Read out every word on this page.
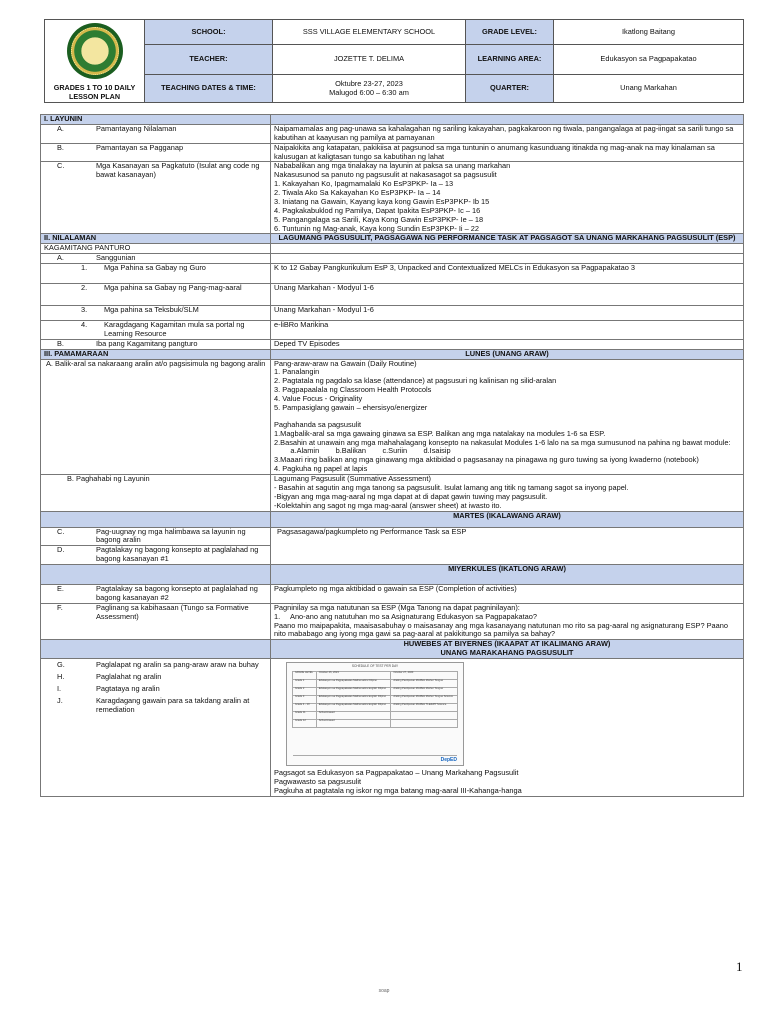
GRADES 1 TO 10 DAILY LESSON PLAN	SCHOOL:	SSS VILLAGE ELEMENTARY SCHOOL	GRADE LEVEL:	Ikatlong Baitang
	TEACHER:	JOZETTE T. DELIMA	LEARNING AREA:	Edukasyon sa Pagpapakatao
	TEACHING DATES & TIME:	Oktubre 23-27, 2023
Malugod 6:00 – 6:30 am	QUARTER:	Unang Markahan
I. LAYUNIN	

A.	Pamantayang Nilalaman	Naipamamalas ang pag-unawa sa kahalagahan ng sariling kakayahan, pagkakaroon ng tiwala, pangangalaga at pag-iingat sa sarili tungo sa kabutihan at kaayusan ng pamilya at pamayanan

B.	Pamantayan sa Pagganap	Naipakikita ang katapatan, pakikiisa at pagsunod sa mga tuntunin o anumang kasunduang itinakda ng mag-anak na may kinalaman sa kalusugan at kaligtasan tungo sa kabutihan ng lahat

C.	Mga Kasanayan sa Pagkatuto (Isulat ang code ng bawat kasanayan)

Nababalikan ang mga tinalakay na layunin at paksa sa unang markahan
Nakasusunod sa panuto ng pagsusulit at nakasasagot sa pagsusulit
1. Kakayahan Ko, Ipagmamalaki Ko EsP3PKP- Ia – 13
2. Tiwala Ako Sa Kakayahan Ko EsP3PKP- Ia – 14
3. Iniatang na Gawain, Kayang kaya kong Gawin EsP3PKP- Ib 15
4. Pagkakabuklod ng Pamilya, Dapat Ipakita EsP3PKP- Ic – 16
5. Pangangalaga sa Sarili, Kaya Kong Gawin EsP3PKP- Ie – 18
6. Tuntunin ng Mag-anak, Kaya kong Sundin EsP3PKP- Ii – 22

II. NILALAMAN	LAGUMANG PAGSUSULIT, PAGSAGAWA NG PERFORMANCE TASK AT PAGSAGOT SA UNANG MARKAHANG PAGSUSULIT (ESP)
KAGAMITANG PANTURO	

A.	Sanggunian

1.	Mga Pahina sa Gabay ng Guro	K to 12 Gabay Pangkurikulum EsP 3, Unpacked and Contextualized MELCs in Edukasyon sa Pagpapakatao 3

2.	Mga pahina sa Gabay ng Pang-mag-aaral	Unang Markahan - Modyul 1-6

3.	Mga pahina sa Teksbuk/SLM	Unang Markahan - Modyul 1-6

4.	Karagdagang Kagamitan mula sa portal ng Learning Resource
	e-liBRo Marikina

B.	Iba pang Kagamitang pangturo	Deped TV Episodes
III. PAMAMARAAN	LUNES (UNANG ARAW)
A. Balik-aral sa nakaraang aralin at/o pagsisimula ng bagong aralin	Pang-araw-araw na Gawain (Daily Routine)
1. Panalangin
2. Pagtatala ng pagdalo sa klase (attendance) at pagsusuri ng kalinisan ng silid-aralan
3. Pagpapaalala ng Classroom Health Protocols
4. Value Focus - Originality
5. Pampasiglang gawain – ehersisyo/energizer
Paghahanda sa pagsusulit
1.Magbalik-aral sa mga gawaing ginawa sa ESP. Balikan ang mga natalakay na modules 1-6 sa ESP.
2.Basahin at unawain ang mga mahahalagang konsepto na nakasulat Modules 1-6 lalo na sa mga sumusunod na pahina ng bawat module:
a.Alamin        b.Balikan        c.Suriin        d.Isaisip
3.Maaari ring balikan ang mga ginawang mga aktibidad o pagsasanay na pinagawa ng guro tuwing sa iyong kwaderno (notebook)
4. Pagkuha ng papel at lapis

B. Paghahabi ng Layunin	Lagumang Pagsusulit (Summative Assessment)
- Basahin at sagutin ang mga tanong sa pagsusulit. Isulat lamang ang titik ng tamang sagot sa inyong papel.
-Bigyan ang mga mag-aaral ng mga dapat at di dapat gawin tuwing may pagsusulit.
-Kolektahin ang sagot ng mga mag-aaral (answer sheet) at iwasto ito.

	MARTES (IKALAWANG ARAW)

C.	Pag-uugnay ng mga halimbawa sa layunin ng bagong aralin
	Pagsasagawa/pagkumpleto ng Performance Task sa ESP

D.	Pagtalakay ng bagong konsepto at paglalahad ng bagong kasanayan #1

	MIYERKULES (IKATLONG ARAW)

E.	Pagtalakay sa bagong konsepto at paglalahad ng bagong kasanayan #2
	Pagkumpleto ng mga aktibidad o gawain sa ESP (Completion of activities)

F.	Paglinang sa kabihasaan (Tungo sa Formative Assessment)

Pagninilay sa mga natutunan sa ESP (Mga Tanong na dapat pagninilayan):
1.     Ano-ano ang natutuhan mo sa Asignaturang Edukasyon sa Pagpapakatao?
Paano mo maipapakita, maaisasabuhay o maisasanay ang mga kasanayang natutunan mo rito sa pag-aaral ng asignaturang ESP? Paano nito mababago ang iyong mga gawi sa pag-aaral at pakikitungo sa pamilya sa bahay?

HUWEBES AT BIYERNES (IKAAPAT AT IKALIMANG ARAW)
UNANG MARAKAHANG PAGSUSULIT

G.	Paglalapat ng aralin sa pang-araw araw na buhay
H.	Paglalahat ng aralin
I.	Pagtataya ng aralin
J.	Karagdagang gawain para sa takdang aralin at remediation

SCHEDULE OF TEST PER DAY
GRADE LEVEL	October 26, 2023	October 27, 2023
Grade 1	Edukasyon sa Pagpapakatao Mathematics Filipino	Araling Panlipunan MAPEH Mother Tongue
Grade 2	Edukasyon sa Pagpapakatao Mathematics English Filipino	Araling Panlipunan MAPEH Mother Tongue
Grade 3	Edukasyon sa Pagpapakatao Mathematics English Filipino	Araling Panlipunan MAPEH Mother Tongue Science
Grade 4 - 10	Edukasyon sa Pagpapakatao Mathematics English Filipino	Araling Panlipunan MAPEH TLE/EPP Science
Grade 11	School-based	
Grade 12	School-based	
DepED
Pagsagot sa Edukasyon sa Pagpapakatao – Unang Markahang Pagsusulit
Pagwawasto sa pagsusulit
Pagkuha at pagtatala ng iskor ng mga batang mag-aaral III-Kahanga-hanga
1
soap
